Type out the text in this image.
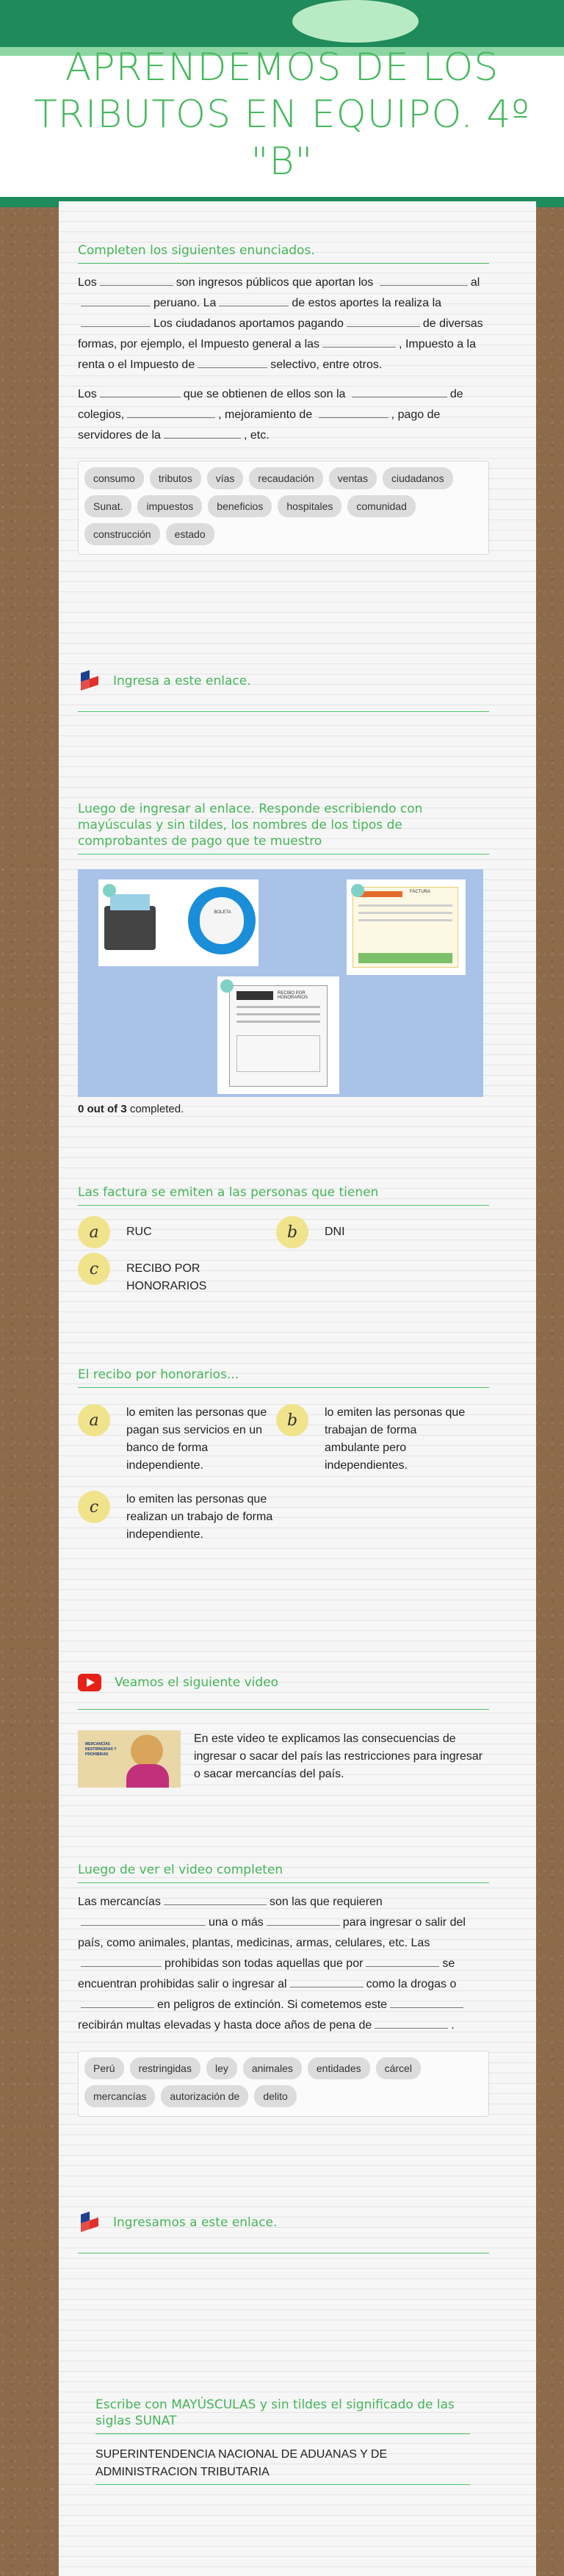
APRENDEMOS DE LOS TRIBUTOS EN EQUIPO. 4º "B"
Completen los siguientes enunciados.
Los	son ingresos públicos que aportan los	alperuano. La	de estos aportes la realiza laLos ciudadanos aportamos pagando	de diversas formas, por ejemplo, el Impuesto general a las	, Impuesto a la renta o el Impuesto de	selectivo, entre otros.
Los	que se obtienen de ellos son la	de colegios,	, mejoramiento de	, pago de servidores de la	, etc.
consumo	tributos	vías	recaudación	ventas	ciudadanos
Sunat.	impuestos	beneficios	hospitales	comunidad
construcción	estado
Ingresa a este enlace.
Luego de ingresar al enlace. Responde escribiendo con mayúsculas y sin tildes, los nombres de los tipos de comprobantes de pago que te muestro
BOLETA
FACTURA
RECIBO POR HONORARIOS
0 out of 3 completed.
Las factura se emiten a las personas que tienen
a	RUC	b	DNI
c	RECIBO POR HONORARIOS
El recibo por honorarios...
a	lo emiten las personas que pagan sus servicios en un banco de forma independiente.
b	lo emiten las personas que trabajan de forma ambulante pero independientes.
c	lo emiten las personas que realizan un trabajo de forma independiente.
Veamos el siguiente video
MERCANCÍAS RESTRINGIDAS Y PROHIBIDAS
En este video te explicamos las consecuencias de ingresar o sacar del país las restricciones para ingresar o sacar mercancías del país.
Luego de ver el video completen
Las mercancías	son las que requieren una o más	para ingresar o salir del país, como animales, plantas, medicinas, armas, celulares, etc. Lasprohibidas son todas aquellas que por	se encuentran prohibidas salir o ingresar al	como la drogas oen peligros de extinción. Si cometemos esterecibirán multas elevadas y hasta doce años de pena de	.
Perú	restringidas	ley	animales	entidades	cárcel
mercancías	autorización de	delito
Ingresamos a este enlace.
Escribe con MAYÚSCULAS y sin tildes el significado de las siglas SUNAT
SUPERINTENDENCIA NACIONAL DE ADUANAS Y DE ADMINISTRACION TRIBUTARIA
